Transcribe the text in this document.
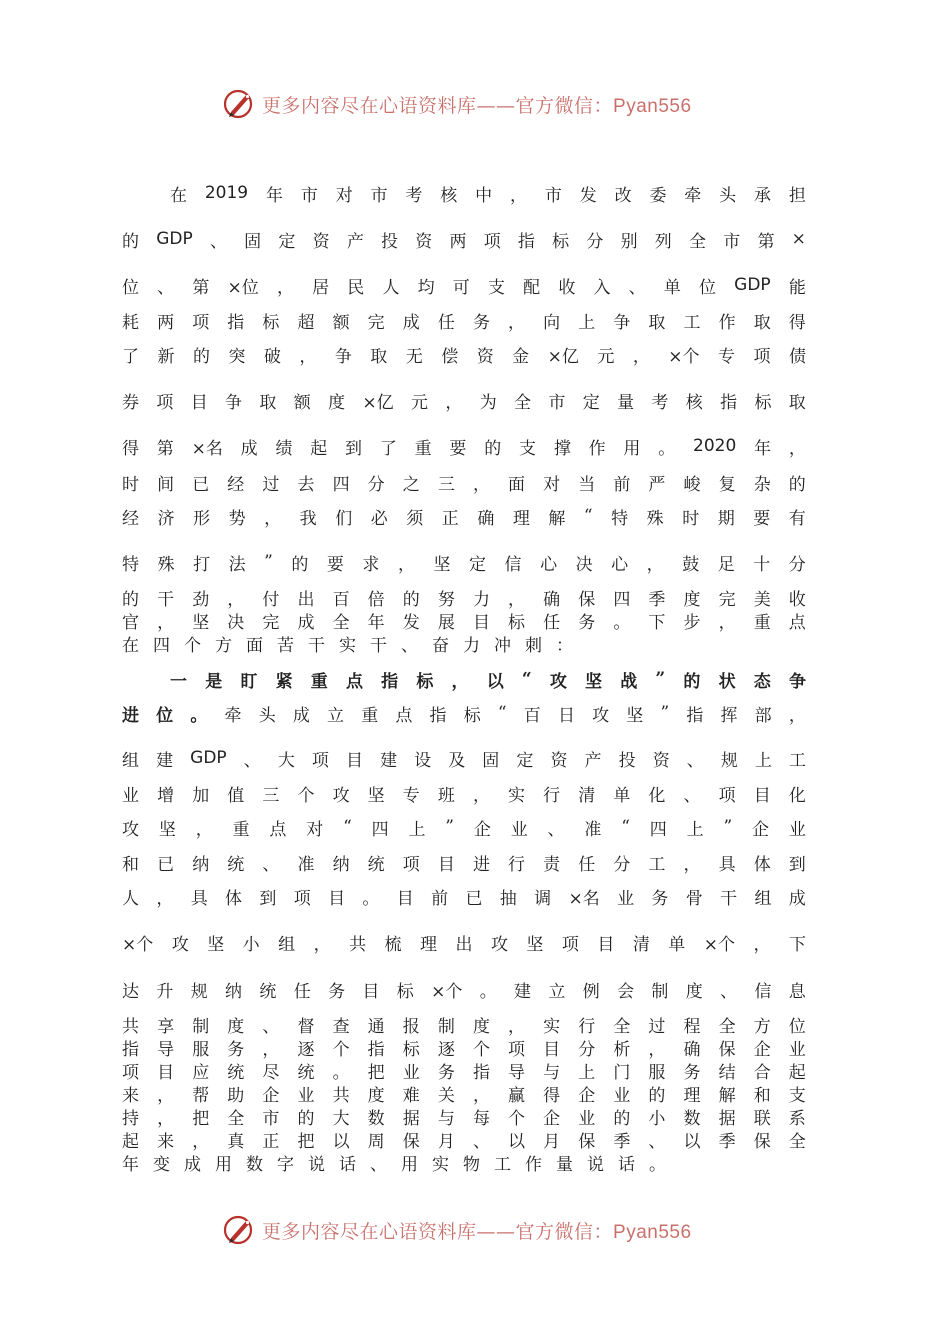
更多内容尽在心语资料库——官方微信：Pyan556
在 2019 年 市 对 市 考 核 中 ， 市 发 改 委 牵 头 承 担
的 GDP 、 固 定 资 产 投 资 两 项 指 标 分 别 列 全 市 第 ×
位 、 第 ×位 ， 居 民 人 均 可 支 配 收 入 、 单 位 GDP 能
耗 两 项 指 标 超 额 完 成 任 务 ， 向 上 争 取 工 作 取 得
了 新 的 突 破 ， 争 取 无 偿 资 金 ×亿 元 ， ×个 专 项 债
券 项 目 争 取 额 度 ×亿 元 ， 为 全 市 定 量 考 核 指 标 取
得 第 ×名 成 绩 起 到 了 重 要 的 支 撑 作 用 。 2020 年 ，
时 间 已 经 过 去 四 分 之 三 ， 面 对 当 前 严 峻 复 杂 的
经 济 形 势 ， 我 们 必 须 正 确 理 解 “ 特 殊 时 期 要 有
特 殊 打 法 ” 的 要 求 ， 坚 定 信 心 决 心 ， 鼓 足 十 分
的 干 劲 ， 付 出 百 倍 的 努 力 ， 确 保 四 季 度 完 美 收
官 ， 坚 决 完 成 全 年 发 展 目 标 任 务 。 下 步 ， 重 点
在 四 个 方 面 苦 干 实 干 、 奋 力 冲 刺 ：
一 是 盯 紧 重 点 指 标 ， 以 “ 攻 坚 战 ” 的 状 态 争
进 位 。 牵 头 成 立 重 点 指 标 “ 百 日 攻 坚 ” 指 挥 部 ，
组 建 GDP 、 大 项 目 建 设 及 固 定 资 产 投 资 、 规 上 工
业 增 加 值 三 个 攻 坚 专 班 ， 实 行 清 单 化 、 项 目 化
攻 坚 ， 重 点 对 “ 四 上 ” 企 业 、 准 “ 四 上 ” 企 业
和 已 纳 统 、 准 纳 统 项 目 进 行 责 任 分 工 ， 具 体 到
人 ， 具 体 到 项 目 。 目 前 已 抽 调 ×名 业 务 骨 干 组 成
×个 攻 坚 小 组 ， 共 梳 理 出 攻 坚 项 目 清 单 ×个 ， 下
达 升 规 纳 统 任 务 目 标 ×个 。 建 立 例 会 制 度 、 信 息
共 享 制 度 、 督 查 通 报 制 度 ， 实 行 全 过 程 全 方 位
指 导 服 务 ， 逐 个 指 标 逐 个 项 目 分 析 ， 确 保 企 业
项 目 应 统 尽 统 。 把 业 务 指 导 与 上 门 服 务 结 合 起
来 ， 帮 助 企 业 共 度 难 关 ， 赢 得 企 业 的 理 解 和 支
持 ， 把 全 市 的 大 数 据 与 每 个 企 业 的 小 数 据 联 系
起 来 ， 真 正 把 以 周 保 月 、 以 月 保 季 、 以 季 保 全
年 变 成 用 数 字 说 话 、 用 实 物 工 作 量 说 话 。
更多内容尽在心语资料库——官方微信：Pyan556
